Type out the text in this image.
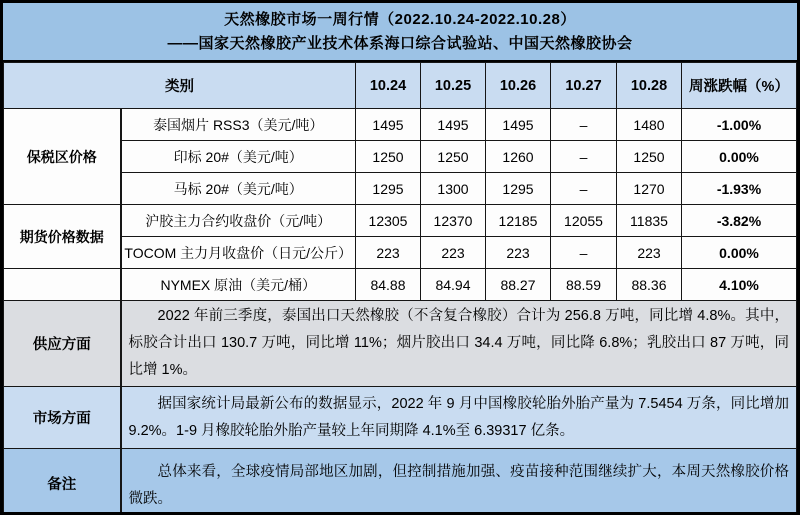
天然橡胶市场一周行情（2022.10.24-2022.10.28）
——国家天然橡胶产业技术体系海口综合试验站、中国天然橡胶协会
类别		10.24	10.25	10.26	10.27	10.28	周涨跌幅（%）
保税区价格	泰国烟片 RSS3（美元/吨）	1495	1495	1495	–	1480	-1.00%
	印标 20#（美元/吨）	1250	1250	1260	–	1250	0.00%
	马标 20#（美元/吨）	1295	1300	1295	–	1270	-1.93%
期货价格数据	沪胶主力合约收盘价（元/吨）	12305	12370	12185	12055	11835	-3.82%
	TOCOM 主力月收盘价（日元/公斤）	223	223	223	–	223	0.00%
	NYMEX 原油（美元/桶）	84.88	84.94	88.27	88.59	88.36	4.10%
供应方面	2022 年前三季度，泰国出口天然橡胶（不含复合橡胶）合计为 256.8 万吨，同比增 4.8%。其中，标胶合计出口 130.7 万吨，同比增 11%；烟片胶出口 34.4 万吨，同比降 6.8%；乳胶出口 87 万吨，同比增 1%。						
市场方面	据国家统计局最新公布的数据显示，2022 年 9 月中国橡胶轮胎外胎产量为 7.5454 万条，同比增加 9.2%。1-9 月橡胶轮胎外胎产量较上年同期降 4.1%至 6.39317 亿条。						
备注	总体来看，全球疫情局部地区加剧，但控制措施加强、疫苗接种范围继续扩大，本周天然橡胶价格微跌。						
